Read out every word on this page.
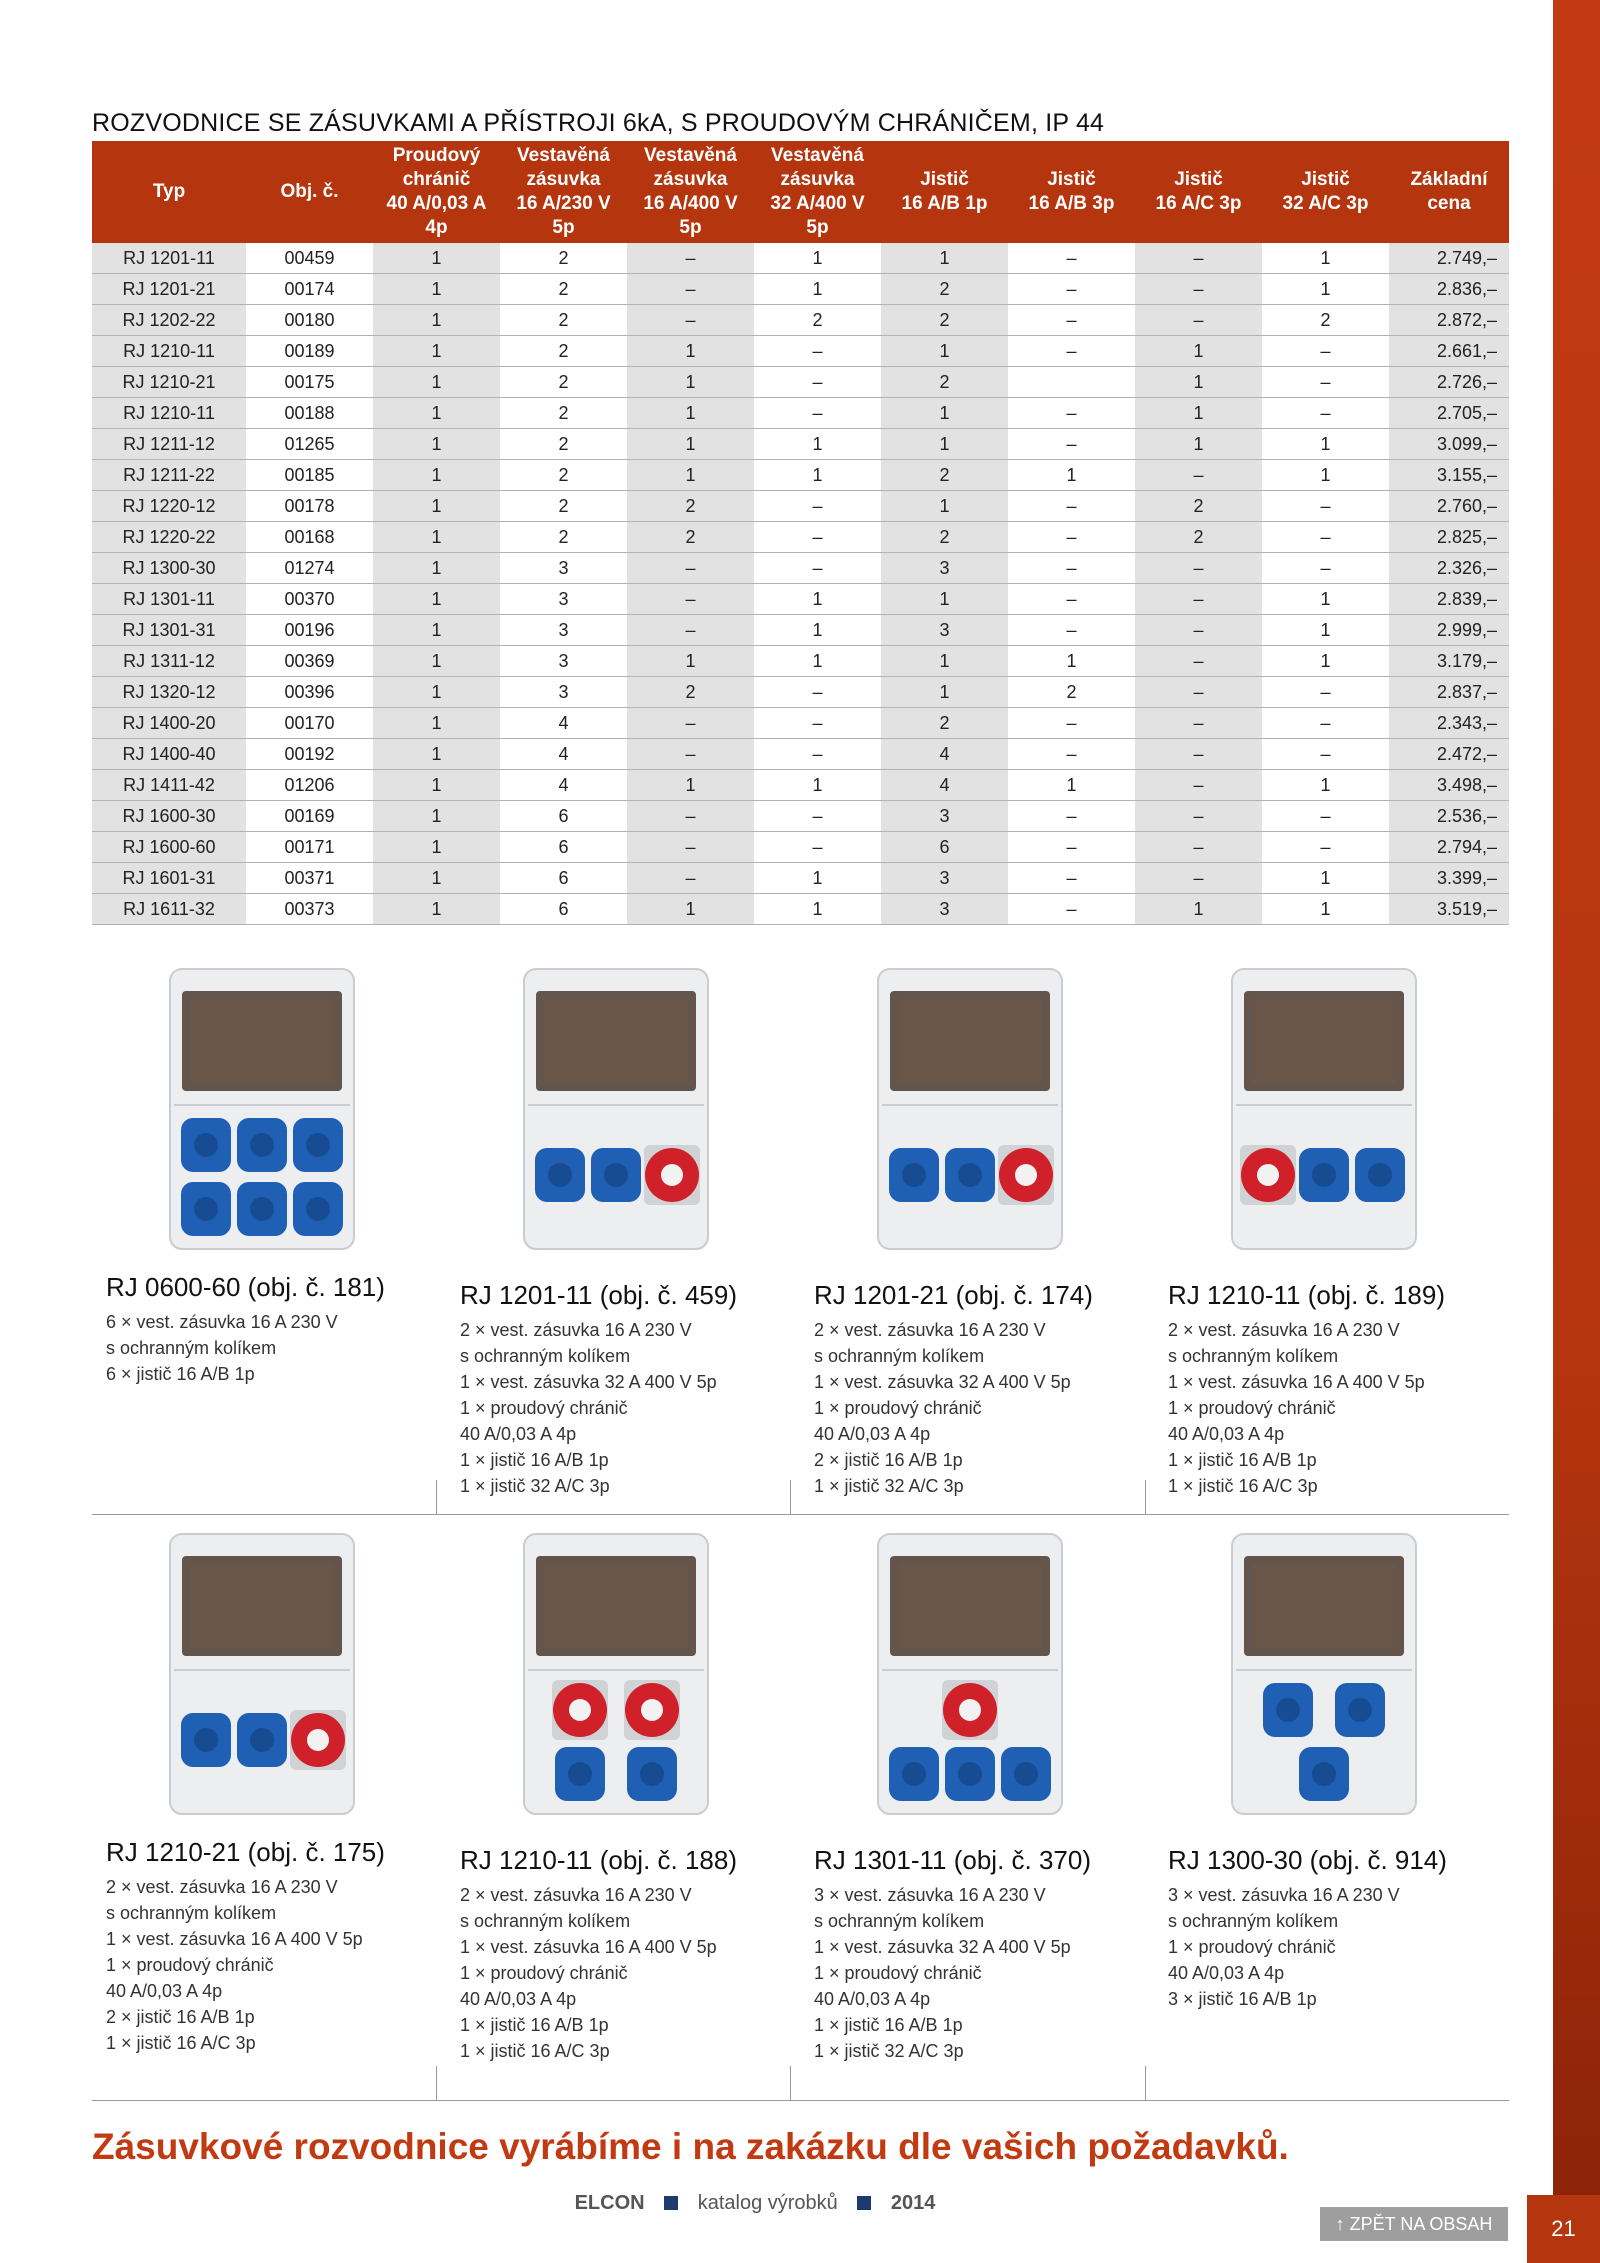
21
ROZVODNICE SE ZÁSUVKAMI A PŘÍSTROJI 6kA, S PROUDOVÝM CHRÁNIČEM, IP 44
Typ	Obj. č.	Proudový
chránič
40 A/0,03 A
4p	Vestavěná
zásuvka
16 A/230 V
5p	Vestavěná
zásuvka
16 A/400 V
5p	Vestavěná
zásuvka
32 A/400 V
5p	Jistič
16 A/B 1p	Jistič
16 A/B 3p	Jistič
16 A/C 3p	Jistič
32 A/C 3p	Základní
cena
RJ 1201-11	00459	1	2	–	1	1	–	–	1	2.749,–
RJ 1201-21	00174	1	2	–	1	2	–	–	1	2.836,–
RJ 1202-22	00180	1	2	–	2	2	–	–	2	2.872,–
RJ 1210-11	00189	1	2	1	–	1	–	1	–	2.661,–
RJ 1210-21	00175	1	2	1	–	2		1	–	2.726,–
RJ 1210-11	00188	1	2	1	–	1	–	1	–	2.705,–
RJ 1211-12	01265	1	2	1	1	1	–	1	1	3.099,–
RJ 1211-22	00185	1	2	1	1	2	1	–	1	3.155,–
RJ 1220-12	00178	1	2	2	–	1	–	2	–	2.760,–
RJ 1220-22	00168	1	2	2	–	2	–	2	–	2.825,–
RJ 1300-30	01274	1	3	–	–	3	–	–	–	2.326,–
RJ 1301-11	00370	1	3	–	1	1	–	–	1	2.839,–
RJ 1301-31	00196	1	3	–	1	3	–	–	1	2.999,–
RJ 1311-12	00369	1	3	1	1	1	1	–	1	3.179,–
RJ 1320-12	00396	1	3	2	–	1	2	–	–	2.837,–
RJ 1400-20	00170	1	4	–	–	2	–	–	–	2.343,–
RJ 1400-40	00192	1	4	–	–	4	–	–	–	2.472,–
RJ 1411-42	01206	1	4	1	1	4	1	–	1	3.498,–
RJ 1600-30	00169	1	6	–	–	3	–	–	–	2.536,–
RJ 1600-60	00171	1	6	–	–	6	–	–	–	2.794,–
RJ 1601-31	00371	1	6	–	1	3	–	–	1	3.399,–
RJ 1611-32	00373	1	6	1	1	3	–	1	1	3.519,–
RJ 0600-60 (obj. č. 181)
6 × vest. zásuvka 16 A 230 V
s ochranným kolíkem
6 × jistič 16 A/B 1p
RJ 1201-11 (obj. č. 459)
2 × vest. zásuvka 16 A 230 V
s ochranným kolíkem
1 × vest. zásuvka 32 A 400 V 5p
1 × proudový chránič
40 A/0,03 A 4p
1 × jistič 16 A/B 1p
1 × jistič 32 A/C 3p
RJ 1201-21 (obj. č. 174)
2 × vest. zásuvka 16 A 230 V
s ochranným kolíkem
1 × vest. zásuvka 32 A 400 V 5p
1 × proudový chránič
40 A/0,03 A 4p
2 × jistič 16 A/B 1p
1 × jistič 32 A/C 3p
RJ 1210-11 (obj. č. 189)
2 × vest. zásuvka 16 A 230 V
s ochranným kolíkem
1 × vest. zásuvka 16 A 400 V 5p
1 × proudový chránič
40 A/0,03 A 4p
1 × jistič 16 A/B 1p
1 × jistič 16 A/C 3p
RJ 1210-21 (obj. č. 175)
2 × vest. zásuvka 16 A 230 V
s ochranným kolíkem
1 × vest. zásuvka 16 A 400 V 5p
1 × proudový chránič
40 A/0,03 A 4p
2 × jistič 16 A/B 1p
1 × jistič 16 A/C 3p
RJ 1210-11 (obj. č. 188)
2 × vest. zásuvka 16 A 230 V
s ochranným kolíkem
1 × vest. zásuvka 16 A 400 V 5p
1 × proudový chránič
40 A/0,03 A 4p
1 × jistič 16 A/B 1p
1 × jistič 16 A/C 3p
RJ 1301-11 (obj. č. 370)
3 × vest. zásuvka 16 A 230 V
s ochranným kolíkem
1 × vest. zásuvka 32 A 400 V 5p
1 × proudový chránič
40 A/0,03 A 4p
1 × jistič 16 A/B 1p
1 × jistič 32 A/C 3p
RJ 1300-30 (obj. č. 914)
3 × vest. zásuvka 16 A 230 V
s ochranným kolíkem
1 × proudový chránič
40 A/0,03 A 4p
3 × jistič 16 A/B 1p
Zásuvkové rozvodnice vyrábíme i na zakázku dle vašich požadavků.
ELCON	katalog výrobků	2014
↑ ZPĚT NA OBSAH
